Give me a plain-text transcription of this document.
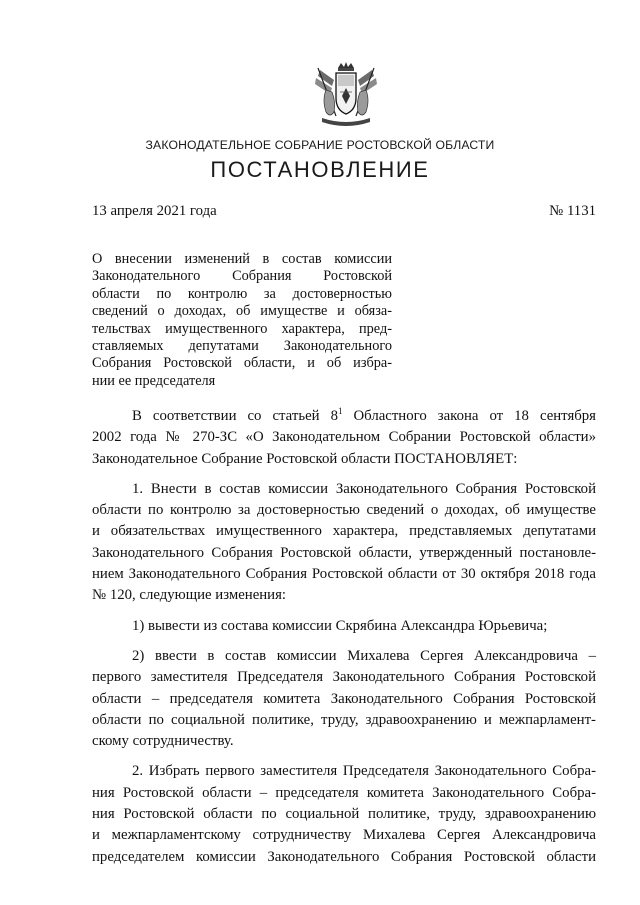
ЗАКОНОДАТЕЛЬНОЕ СОБРАНИЕ РОСТОВСКОЙ ОБЛАСТИ
ПОСТАНОВЛЕНИЕ
13 апреля 2021 года	№ 1131
О внесении изменений в состав комиссии
Законодательного Собрания Ростовской
области по контролю за достоверностью
сведений о доходах, об имуществе и обяза-
тельствах имущественного характера, пред-
ставляемых депутатами Законодательного
Собрания Ростовской области, и об избра-
нии ее председателя
В соответствии со статьей $8^1$ Областного закона от 18 сентября
2002 года № 270-ЗС «О Законодательном Собрании Ростовской области»
Законодательное Собрание Ростовской области ПОСТАНОВЛЯЕТ:
1. Внести в состав комиссии Законодательного Собрания Ростовской
области по контролю за достоверностью сведений о доходах, об имуществе
и обязательствах имущественного характера, представляемых депутатами
Законодательного Собрания Ростовской области, утвержденный постановле-
нием Законодательного Собрания Ростовской области от 30 октября 2018 года
№ 120, следующие изменения:
1) вывести из состава комиссии Скрябина Александра Юрьевича;
2) ввести в состав комиссии Михалева Сергея Александровича –
первого заместителя Председателя Законодательного Собрания Ростовской
области – председателя комитета Законодательного Собрания Ростовской
области по социальной политике, труду, здравоохранению и межпарламент-
скому сотрудничеству.
2. Избрать первого заместителя Председателя Законодательного Собра-
ния Ростовской области – председателя комитета Законодательного Собра-
ния Ростовской области по социальной политике, труду, здравоохранению
и межпарламентскому сотрудничеству Михалева Сергея Александровича
председателем комиссии Законодательного Собрания Ростовской области
